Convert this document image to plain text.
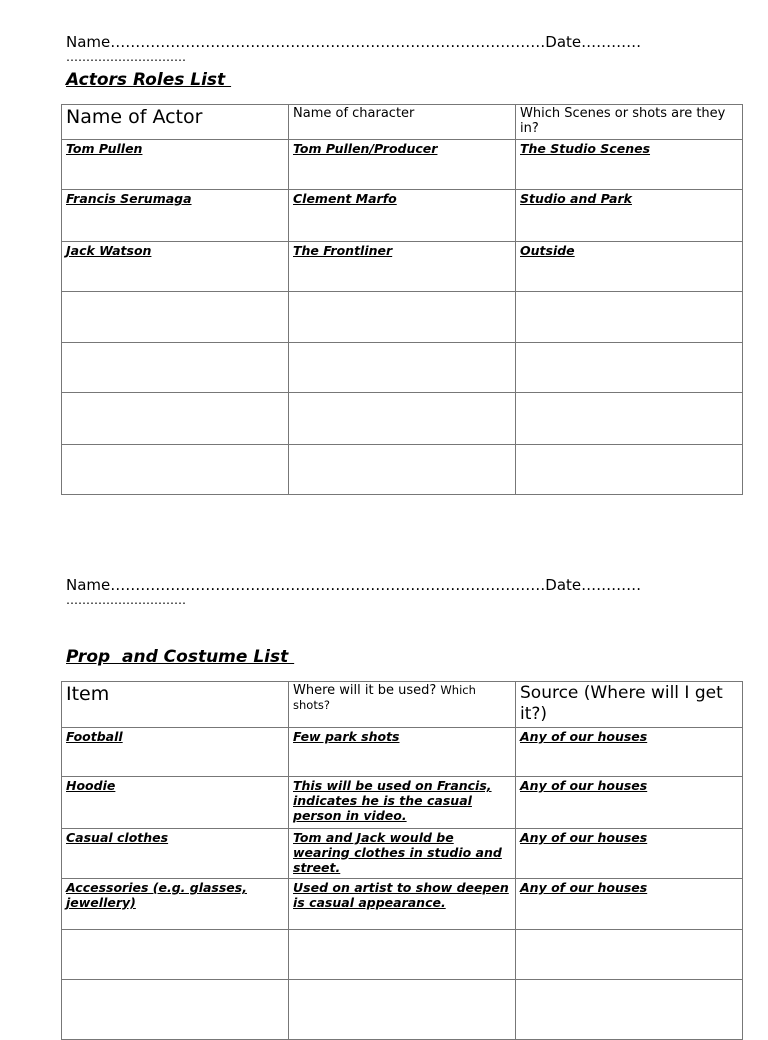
Name……………………………………………………………………………Date…………
…………………………
Actors Roles List
Name of Actor	Name of character	Which Scenes or shots are they in?
Tom Pullen	Tom Pullen/Producer	The Studio Scenes
Francis Serumaga	Clement Marfo	Studio and Park
Jack Watson	The Frontliner	Outside

Name……………………………………………………………………………Date…………
…………………………
Prop  and Costume List
Item	Where will it be used? Which shots?	Source (Where will I get it?)
Football	Few park shots	Any of our houses
Hoodie	This will be used on Francis, indicates he is the casual person in video.	Any of our houses
Casual clothes	Tom and Jack would be wearing clothes in studio and street.	Any of our houses
Accessories (e.g. glasses, jewellery)	Used on artist to show deepen is casual appearance.	Any of our houses
